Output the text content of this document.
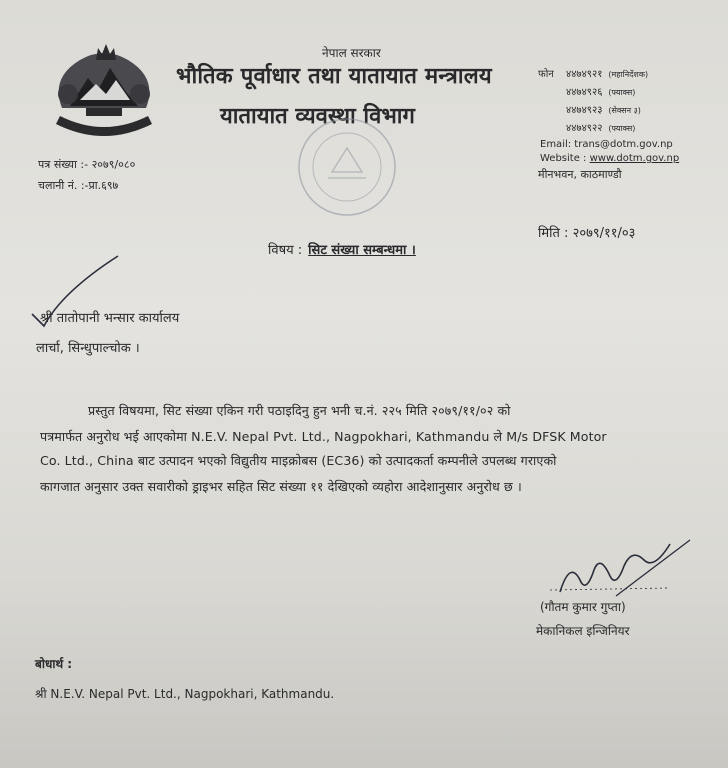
नेपाल सरकार
भौतिक पूर्वाधार तथा यातायात मन्त्रालय
यातायात व्यवस्था विभाग
फोन ४४७४९२१ (महानिर्देशक)
४४७४९२६ (फ्याक्स)
४४७४९२३ (सेक्सन ३)
४४७४९२२ (फ्याक्स)
Email: trans@dotm.gov.np
Website : www.dotm.gov.np
मीनभवन, काठमाण्डौ
पत्र संख्या :- २०७९/०८०
चलानी नं. :-प्रा.६९७
मिति : २०७९/११/०३
विषय : सिट संख्या सम्बन्धमा ।
श्री तातोपानी भन्सार कार्यालय
लार्चा, सिन्धुपाल्चोक ।
प्रस्तुत विषयमा, सिट संख्या एकिन गरी पठाइदिनु हुन भनी च.नं. २२५ मिति २०७९/११/०२ को
पत्रमार्फत अनुरोध भई आएकोमा N.E.V. Nepal Pvt. Ltd., Nagpokhari, Kathmandu ले M/s DFSK Motor
Co. Ltd., China बाट उत्पादन भएको विद्युतीय माइक्रोबस (EC36) को उत्पादकर्ता कम्पनीले उपलब्ध गराएको
कागजात अनुसार उक्त सवारीको ड्राइभर सहित सिट संख्या ११ देखिएको व्यहोरा आदेशानुसार अनुरोध छ ।
(गौतम कुमार गुप्ता)
मेकानिकल इन्जिनियर
बोधार्थ :
श्री N.E.V. Nepal Pvt. Ltd., Nagpokhari, Kathmandu.
